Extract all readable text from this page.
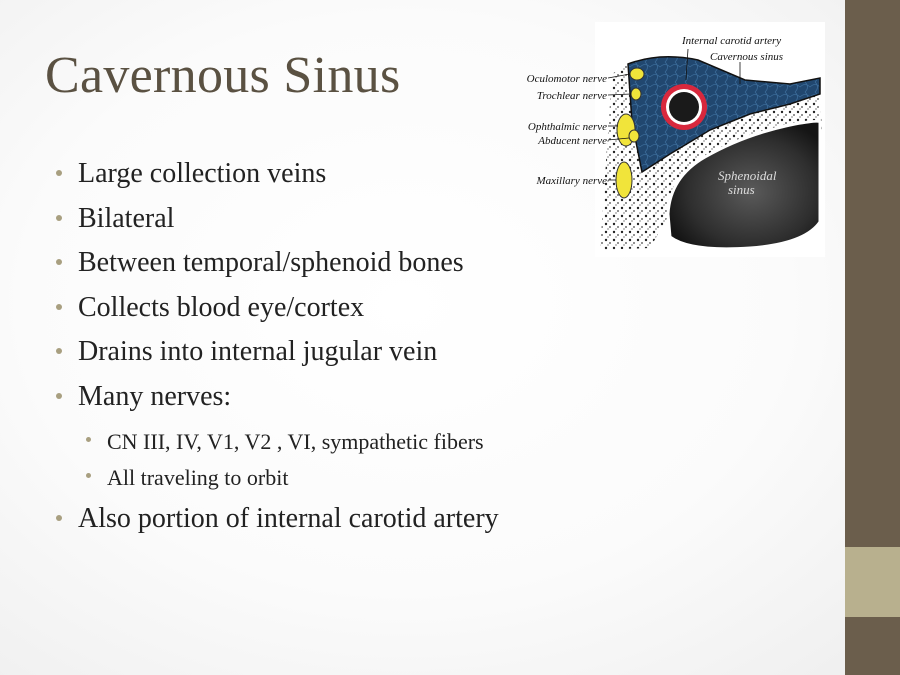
Cavernous Sinus
Large collection veins
Bilateral
Between temporal/sphenoid bones
Collects blood eye/cortex
Drains into internal jugular vein
Many nerves:
CN III, IV, V1, V2 , VI, sympathetic fibers
All traveling to orbit
Also portion of internal carotid artery
Internal carotid artery
Cavernous sinus
Oculomotor nerve
Trochlear nerve
Ophthalmic nerve
Abducent nerve
Maxillary nerve	Sphenoidal
sinus
